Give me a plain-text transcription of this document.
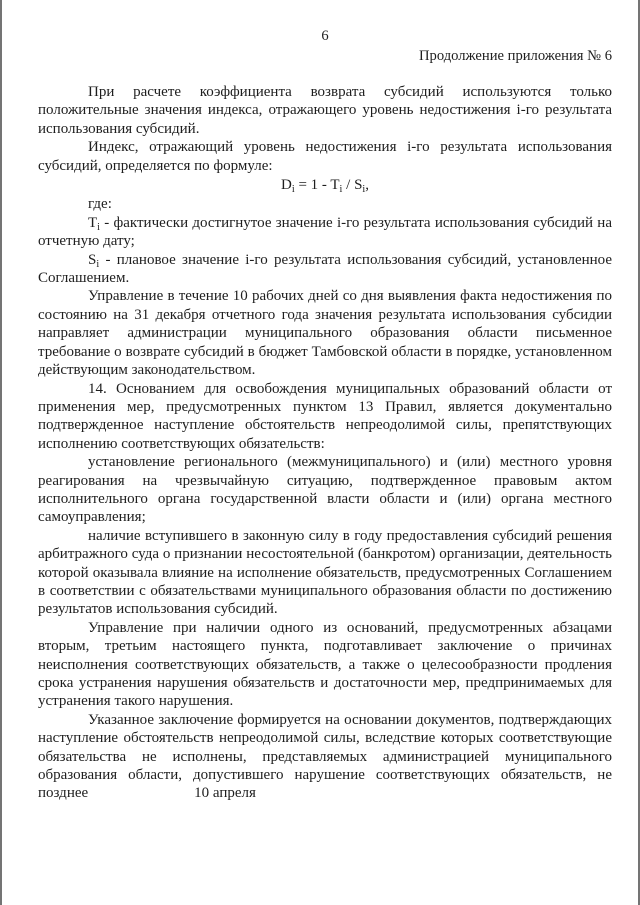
6
Продолжение приложения № 6

При расчете коэффициента возврата субсидий используются только положительные значения индекса, отражающего уровень недостижения i-го результата использования субсидий.

Индекс, отражающий уровень недостижения i-го результата использования субсидий, определяется по формуле:

$D_i = 1 - T_i / S_i$,

где:

$T_i$ - фактически достигнутое значение i-го результата использования субсидий на отчетную дату;

$S_i$ - плановое значение i-го результата использования субсидий, установленное Соглашением.

Управление в течение 10 рабочих дней со дня выявления факта недостижения по состоянию на 31 декабря отчетного года значения результата использования субсидии направляет администрации муниципального образования области письменное требование о возврате субсидий в бюджет Тамбовской области в порядке, установленном действующим законодательством.

14. Основанием для освобождения муниципальных образований области от применения мер, предусмотренных пунктом 13 Правил, является документально подтвержденное наступление обстоятельств непреодолимой силы, препятствующих исполнению соответствующих обязательств:

установление регионального (межмуниципального) и (или) местного уровня реагирования на чрезвычайную ситуацию, подтвержденное правовым актом исполнительного органа государственной власти области и (или) органа местного самоуправления;

наличие вступившего в законную силу в году предоставления субсидий решения арбитражного суда о признании несостоятельной (банкротом) организации, деятельность которой оказывала влияние на исполнение обязательств, предусмотренных Соглашением в соответствии с обязательствами муниципального образования области по достижению результатов использования субсидий.

Управление при наличии одного из оснований, предусмотренных абзацами вторым, третьим настоящего пункта, подготавливает заключение о причинах неисполнения соответствующих обязательств, а также о целесообразности продления срока устранения нарушения обязательств и достаточности мер, предпринимаемых для устранения такого нарушения.

Указанное заключение формируется на основании документов, подтверждающих наступление обстоятельств непреодолимой силы, вследствие которых соответствующие обязательства не исполнены, представляемых администрацией муниципального образования области, допустившего нарушение соответствующих обязательств, не позднее	10 апреля
